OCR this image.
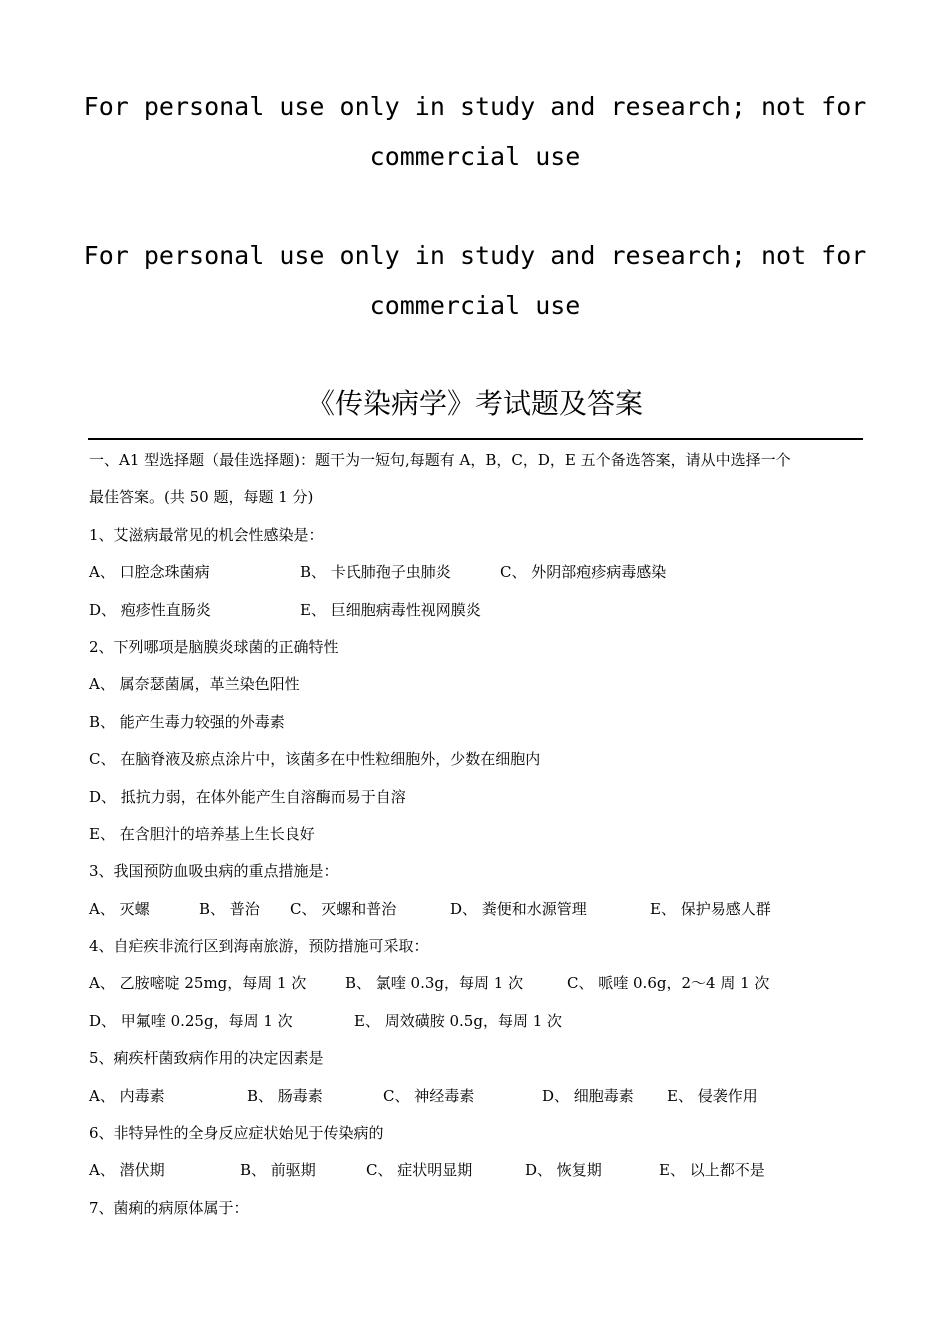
For personal use only in study and research; not for
commercial use
For personal use only in study and research; not for
commercial use
《传染病学》考试题及答案
一、A1 型选择题（最佳选择题)：题干为一短句,每题有 A，B，C，D，E 五个备选答案，请从中选择一个
最佳答案。(共 50 题，每题 1 分)
1、艾滋病最常见的机会性感染是：
A、 口腔念珠菌病	B、 卡氏肺孢子虫肺炎	C、 外阴部疱疹病毒感染
D、 疱疹性直肠炎	E、 巨细胞病毒性视网膜炎
2、下列哪项是脑膜炎球菌的正确特性
A、 属奈瑟菌属，革兰染色阳性
B、 能产生毒力较强的外毒素
C、 在脑脊液及瘀点涂片中，该菌多在中性粒细胞外，少数在细胞内
D、 抵抗力弱，在体外能产生自溶酶而易于自溶
E、 在含胆汁的培养基上生长良好
3、我国预防血吸虫病的重点措施是：
A、 灭螺	B、 普治 C、 灭螺和普治	D、 粪便和水源管理	E、 保护易感人群
4、自疟疾非流行区到海南旅游，预防措施可采取：
A、 乙胺嘧啶 25mg，每周 1 次	B、 氯喹 0.3g，每周 1 次	C、 哌喹 0.6g，2～4 周 1 次
D、 甲氟喹 0.25g，每周 1 次	E、 周效磺胺 0.5g，每周 1 次
5、痢疾杆菌致病作用的决定因素是
A、 内毒素	B、 肠毒素	C、 神经毒素	D、 细胞毒素 E、 侵袭作用
6、非特异性的全身反应症状始见于传染病的
A、 潜伏期	B、 前驱期	C、 症状明显期	D、 恢复期	E、 以上都不是
7、菌痢的病原体属于：
